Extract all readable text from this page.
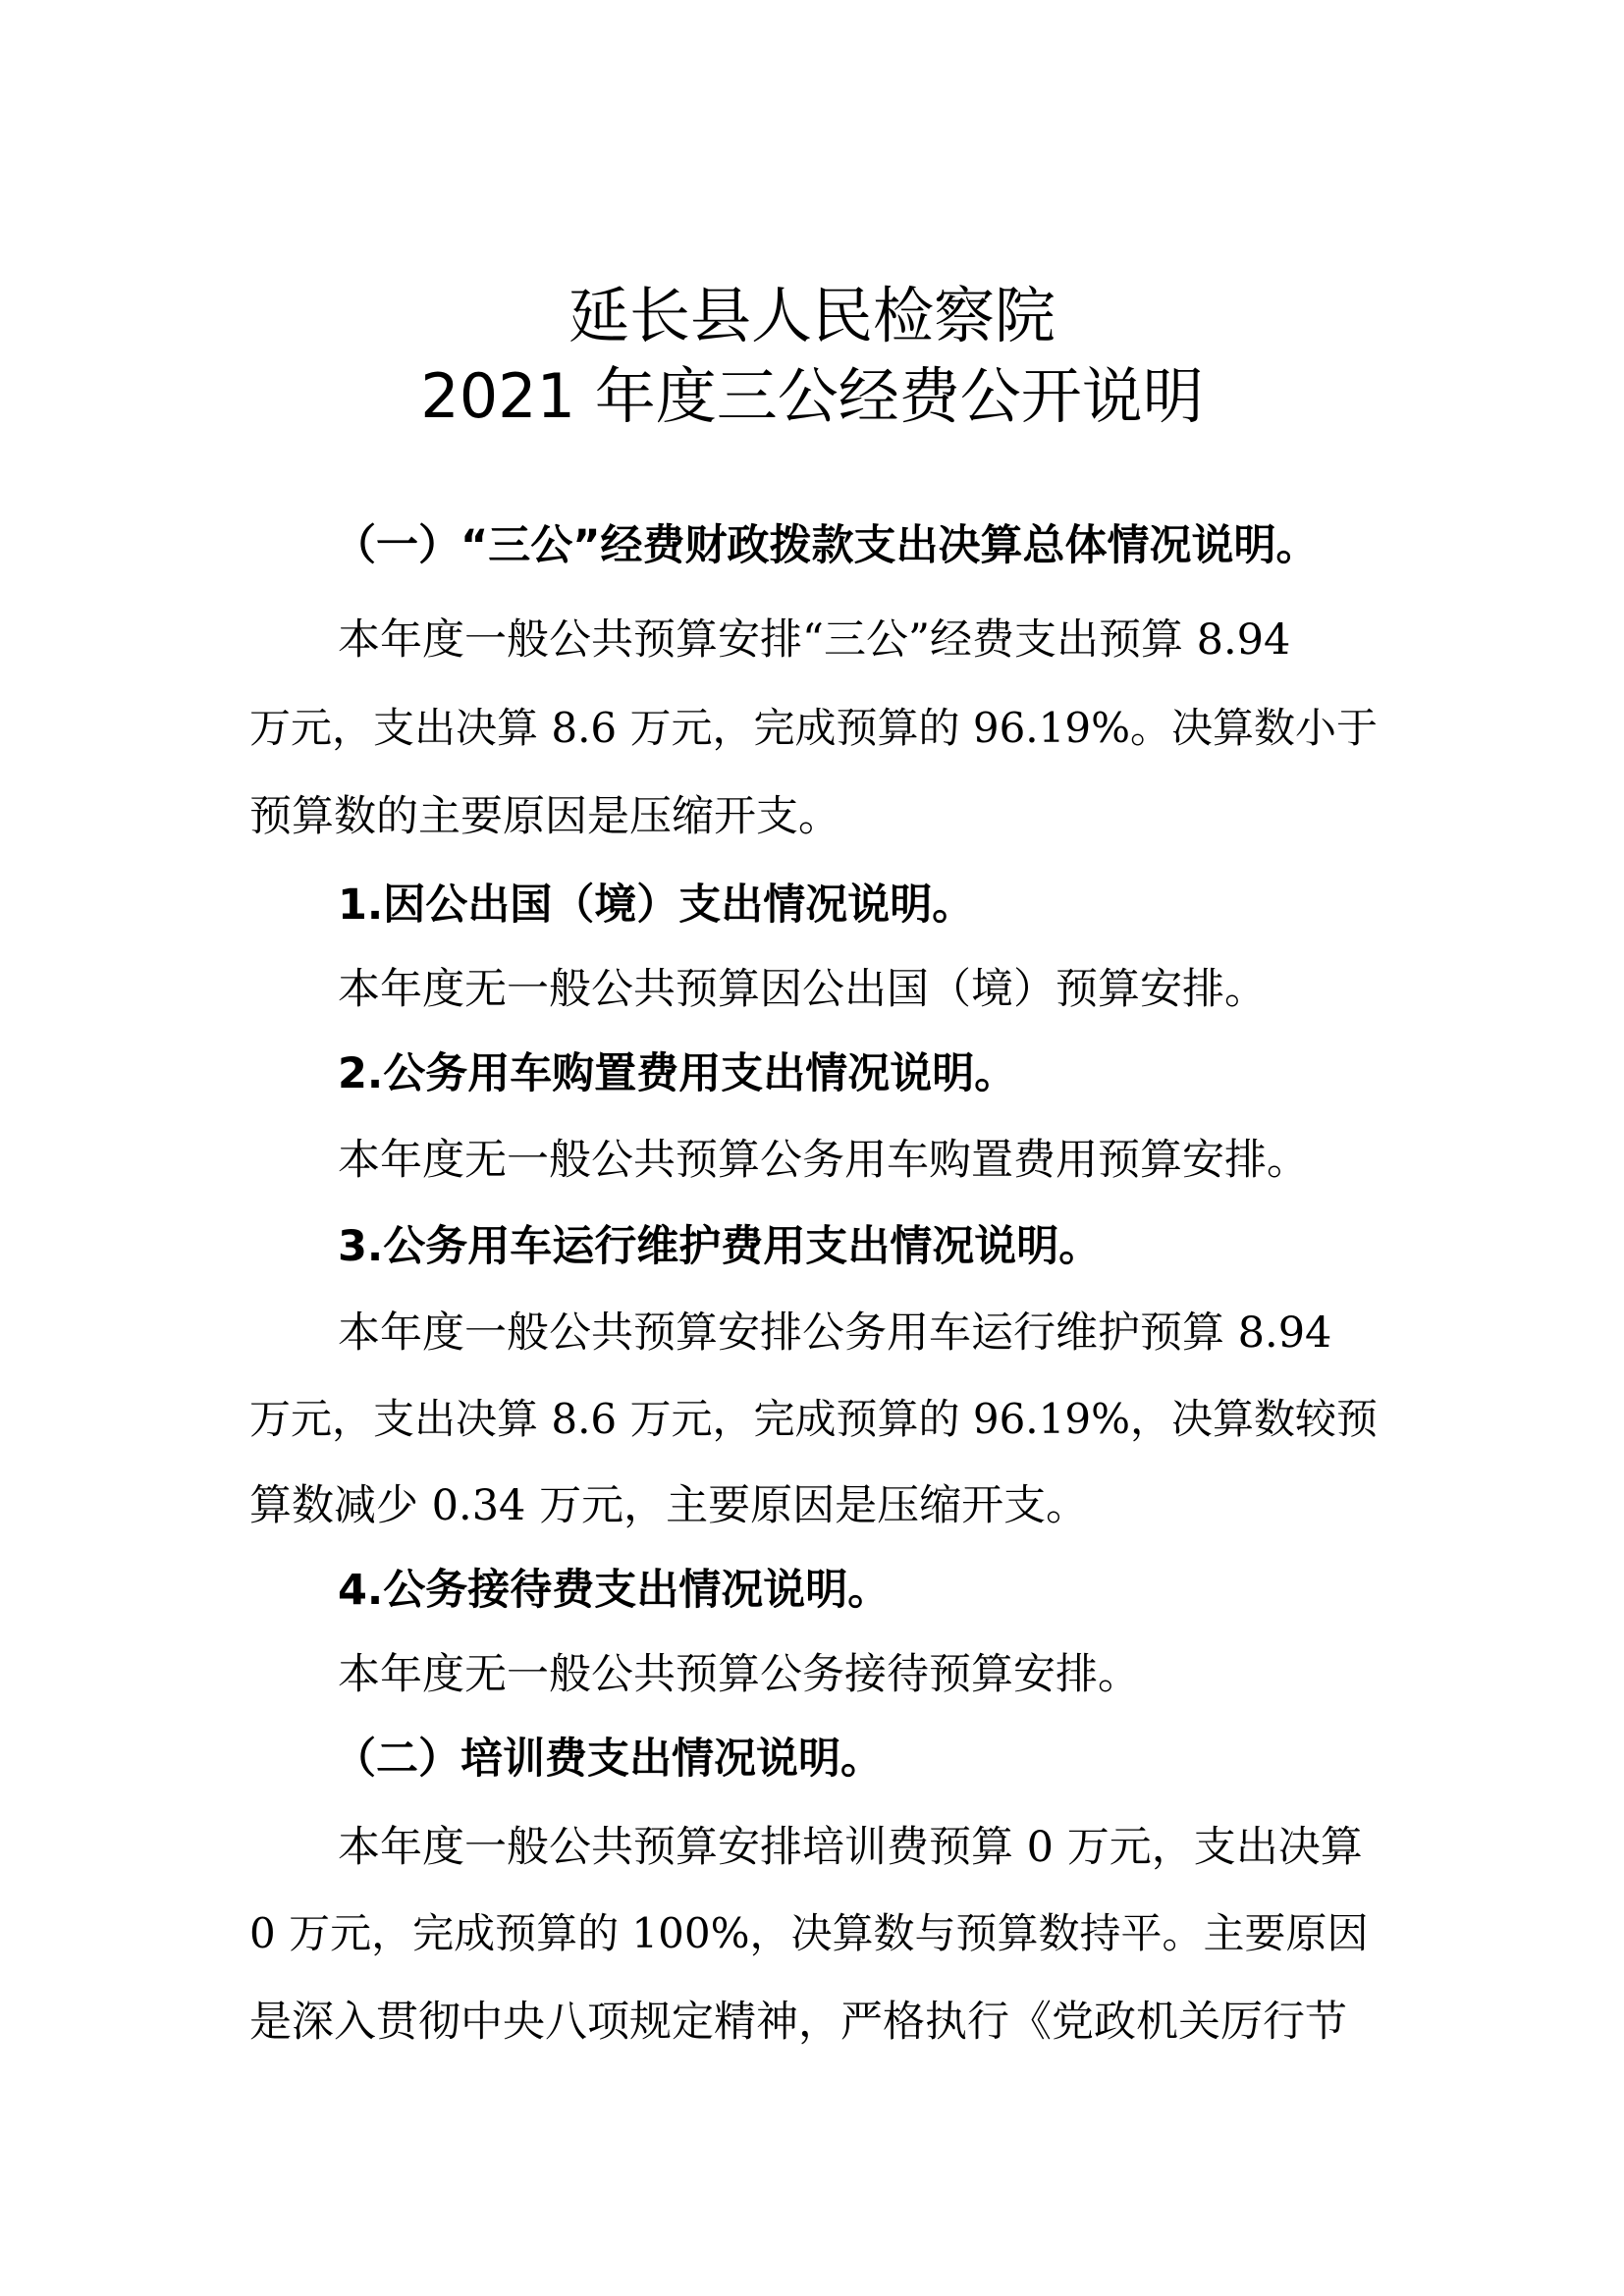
延长县人民检察院
2021 年度三公经费公开说明
（一）“三公”经费财政拨款支出决算总体情况说明。
本年度一般公共预算安排“三公”经费支出预算 8.94
万元，支出决算 8.6 万元，完成预算的 96.19%。决算数小于
预算数的主要原因是压缩开支。
1.因公出国（境）支出情况说明。
本年度无一般公共预算因公出国（境）预算安排。
2.公务用车购置费用支出情况说明。
本年度无一般公共预算公务用车购置费用预算安排。
3.公务用车运行维护费用支出情况说明。
本年度一般公共预算安排公务用车运行维护预算 8.94
万元，支出决算 8.6 万元，完成预算的 96.19%，决算数较预
算数减少 0.34 万元，主要原因是压缩开支。
4.公务接待费支出情况说明。
本年度无一般公共预算公务接待预算安排。
（二）培训费支出情况说明。
本年度一般公共预算安排培训费预算 0 万元，支出决算
0 万元，完成预算的 100%，决算数与预算数持平。主要原因
是深入贯彻中央八项规定精神，严格执行《党政机关厉行节
